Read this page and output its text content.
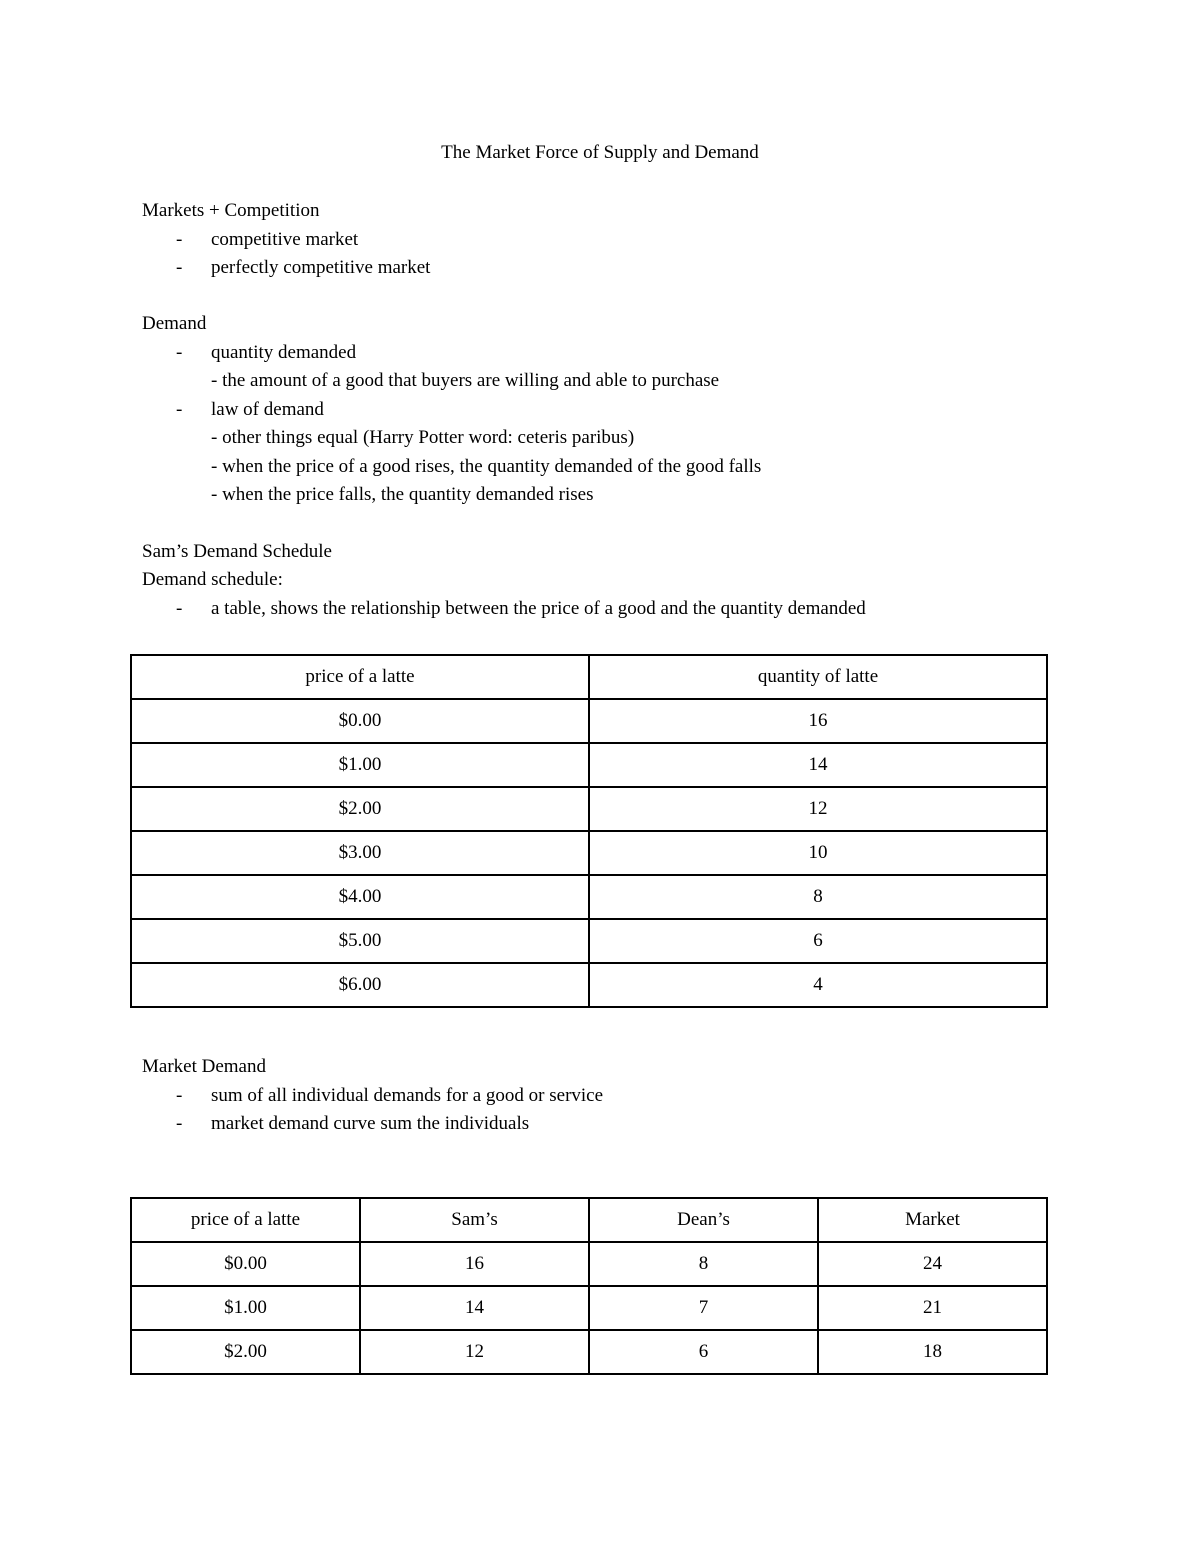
The Market Force of Supply and Demand
Markets + Competition
- competitive market
- perfectly competitive market
Demand
- quantity demanded
- the amount of a good that buyers are willing and able to purchase
- law of demand
- other things equal (Harry Potter word: ceteris paribus)
- when the price of a good rises, the quantity demanded of the good falls
- when the price falls, the quantity demanded rises
Sam’s Demand Schedule
Demand schedule:
- a table, shows the relationship between the price of a good and the quantity demanded
price of a latte	quantity of latte
$0.00	16
$1.00	14
$2.00	12
$3.00	10
$4.00	8
$5.00	6
$6.00	4
Market Demand
- sum of all individual demands for a good or service
- market demand curve sum the individuals
price of a latte	Sam’s	Dean’s	Market
$0.00	16	8	24
$1.00	14	7	21
$2.00	12	6	18
